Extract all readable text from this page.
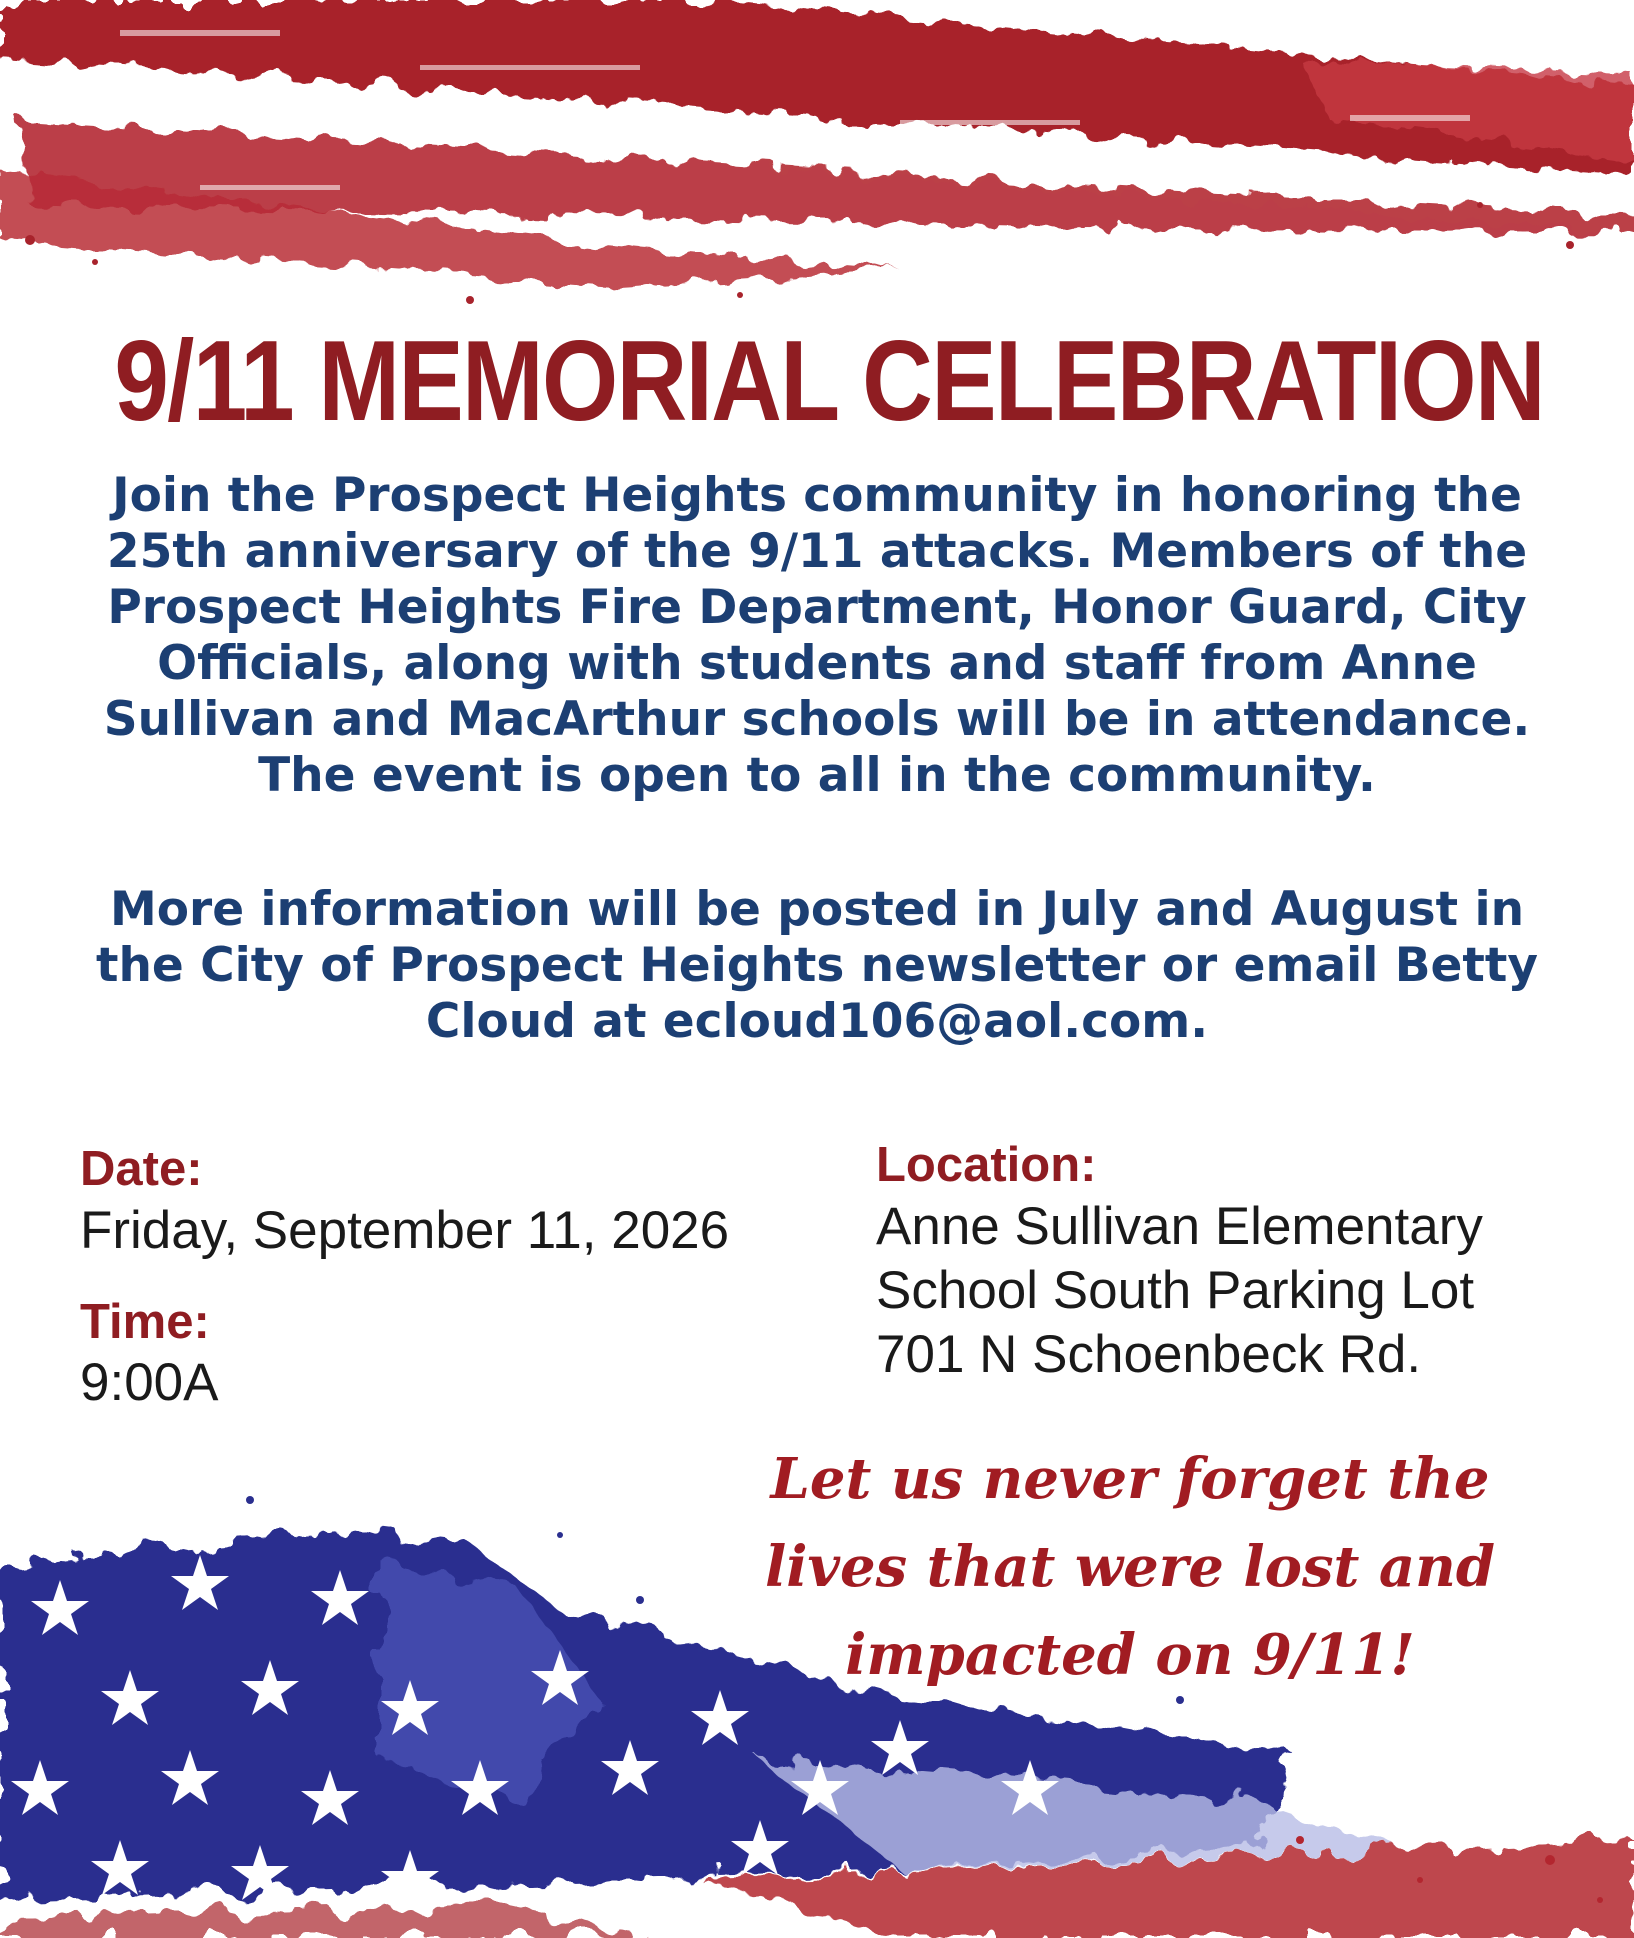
9/11 MEMORIAL CELEBRATION
Join the Prospect Heights community in honoring the 25th anniversary of the 9/11 attacks. Members of the Prospect Heights Fire Department, Honor Guard, City Officials, along with students and staff from Anne Sullivan and MacArthur schools will be in attendance. The event is open to all in the community.
More information will be posted in July and August in the City of Prospect Heights newsletter or email Betty Cloud at ecloud106@aol.com.
Date:
Friday, September 11, 2026
Time:
9:00A
Location:
Anne Sullivan Elementary
School South Parking Lot
701 N Schoenbeck Rd.
Let us never forget the lives that were lost and impacted on 9/11!
